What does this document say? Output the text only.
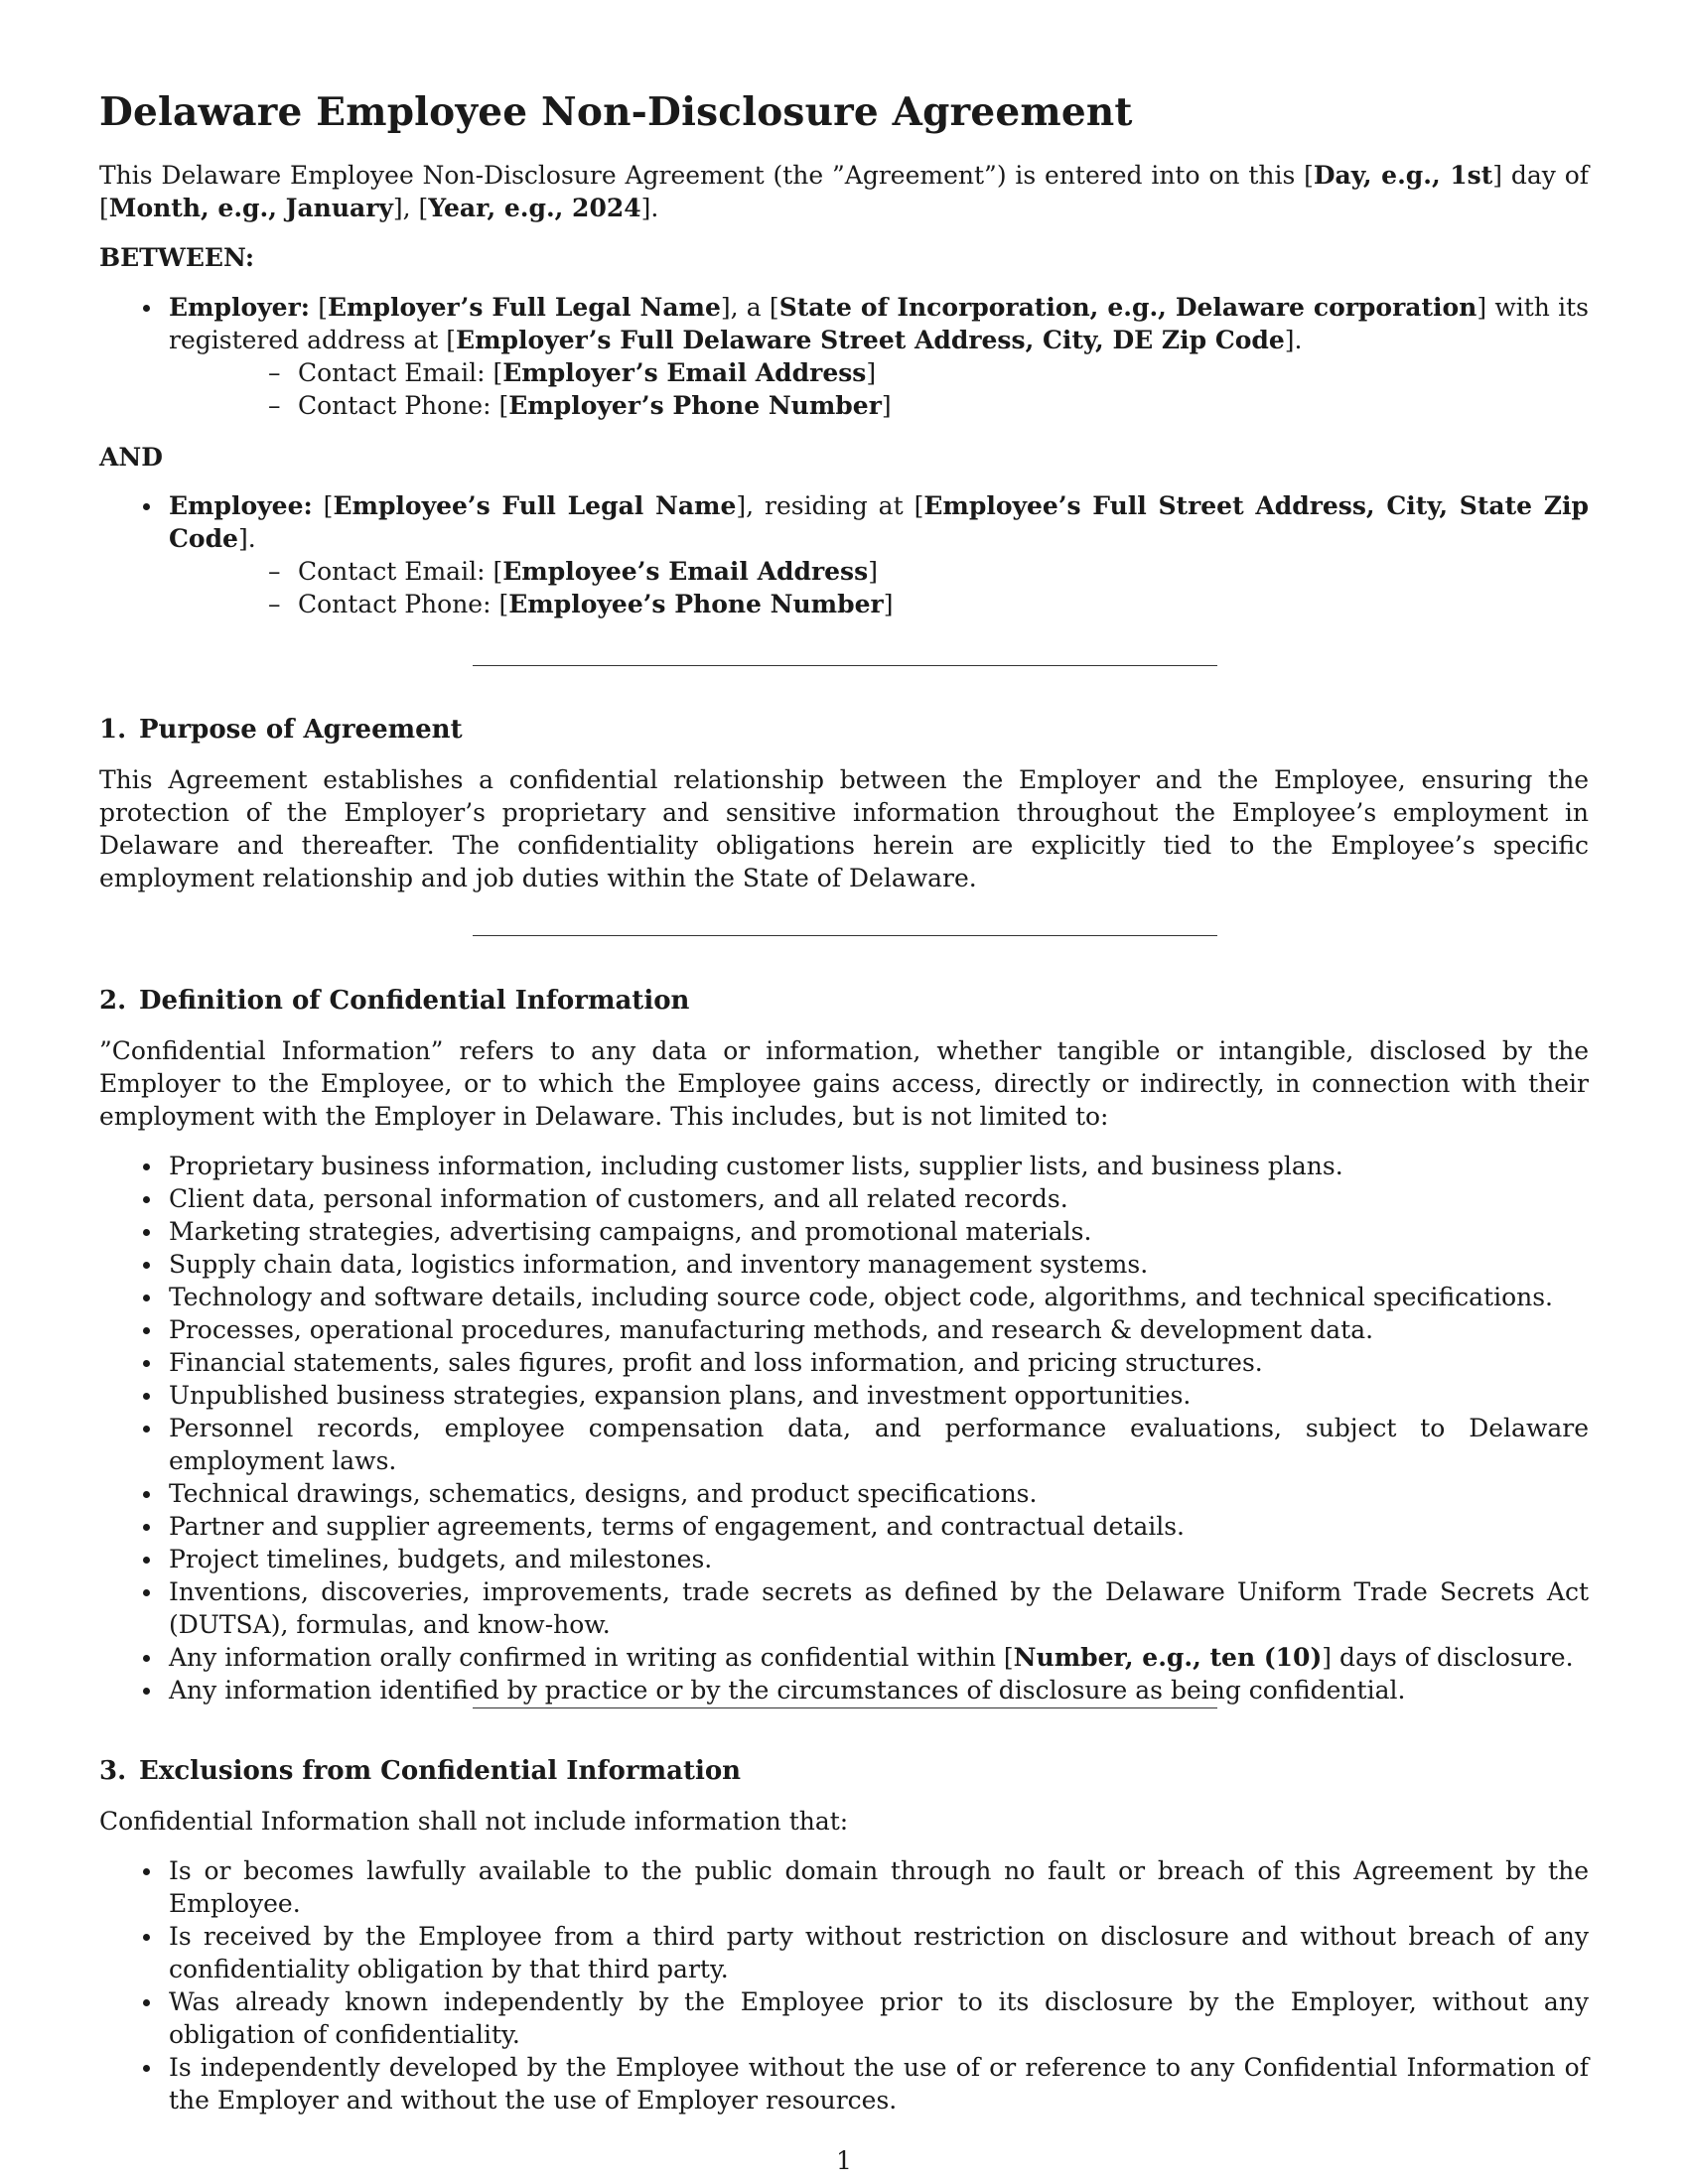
Delaware Employee Non-Disclosure Agreement

This Delaware Employee Non-Disclosure Agreement (the ”Agreement”) is entered into on this [Day, e.g., 1st] day of [Month, e.g., January], [Year, e.g., 2024].

BETWEEN:
Employer: [Employer’s Full Legal Name], a [State of Incorporation, e.g., Delaware corporation] with its registered address at [Employer’s Full Delaware Street Address, City, DE Zip Code].
– Contact Email: [Employer’s Email Address]
– Contact Phone: [Employer’s Phone Number]
AND
Employee: [Employee’s Full Legal Name], residing at [Employee’s Full Street Address, City, State Zip Code].
– Contact Email: [Employee’s Email Address]
– Contact Phone: [Employee’s Phone Number]
1. Purpose of Agreement

This Agreement establishes a confidential relationship between the Employer and the Employee, ensuring the protection of the Employer’s proprietary and sensitive information throughout the Employee’s employment in Delaware and thereafter. The confidentiality obligations herein are explicitly tied to the Employee’s specific employment relationship and job duties within the State of Delaware.

2. Definition of Confidential Information

”Confidential Information” refers to any data or information, whether tangible or intangible, disclosed by the Employer to the Employee, or to which the Employee gains access, directly or indirectly, in connection with their employment with the Employer in Delaware. This includes, but is not limited to:

Proprietary business information, including customer lists, supplier lists, and business plans.
Client data, personal information of customers, and all related records.
Marketing strategies, advertising campaigns, and promotional materials.
Supply chain data, logistics information, and inventory management systems.
Technology and software details, including source code, object code, algorithms, and technical specifications.
Processes, operational procedures, manufacturing methods, and research & development data.
Financial statements, sales figures, profit and loss information, and pricing structures.
Unpublished business strategies, expansion plans, and investment opportunities.
Personnel records, employee compensation data, and performance evaluations, subject to Delaware employment laws.
Technical drawings, schematics, designs, and product specifications.
Partner and supplier agreements, terms of engagement, and contractual details.
Project timelines, budgets, and milestones.
Inventions, discoveries, improvements, trade secrets as defined by the Delaware Uniform Trade Secrets Act (DUTSA), formulas, and know-how.
Any information orally confirmed in writing as confidential within [Number, e.g., ten (10)] days of disclosure.
Any information identified by practice or by the circumstances of disclosure as being confidential.
3. Exclusions from Confidential Information

Confidential Information shall not include information that:

Is or becomes lawfully available to the public domain through no fault or breach of this Agreement by the Employee.
Is received by the Employee from a third party without restriction on disclosure and without breach of any confidentiality obligation by that third party.
Was already known independently by the Employee prior to its disclosure by the Employer, without any obligation of confidentiality.
Is independently developed by the Employee without the use of or reference to any Confidential Information of the Employer and without the use of Employer resources.
1
